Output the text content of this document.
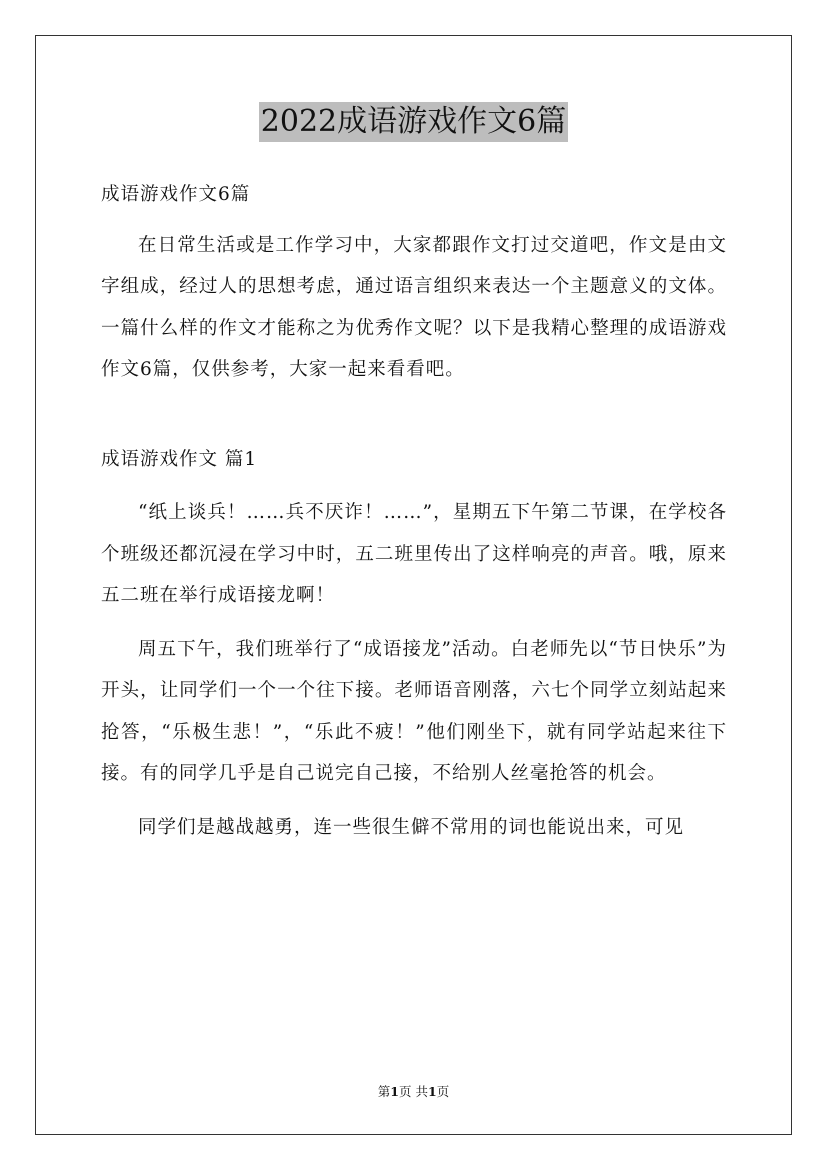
2022成语游戏作文6篇

成语游戏作文6篇

在日常生活或是工作学习中，大家都跟作文打过交道吧，作文是由文字组成，经过人的思想考虑，通过语言组织来表达一个主题意义的文体。一篇什么样的作文才能称之为优秀作文呢？以下是我精心整理的成语游戏作文6篇，仅供参考，大家一起来看看吧。

成语游戏作文 篇1

“纸上谈兵！……兵不厌诈！……”，星期五下午第二节课，在学校各个班级还都沉浸在学习中时，五二班里传出了这样响亮的声音。哦，原来五二班在举行成语接龙啊！

周五下午，我们班举行了“成语接龙”活动。白老师先以“节日快乐”为开头，让同学们一个一个往下接。老师语音刚落，六七个同学立刻站起来抢答，“乐极生悲！”，“乐此不疲！”他们刚坐下，就有同学站起来往下接。有的同学几乎是自己说完自己接，不给别人丝毫抢答的机会。

同学们是越战越勇，连一些很生僻不常用的词也能说出来，可见

第1页 共1页
